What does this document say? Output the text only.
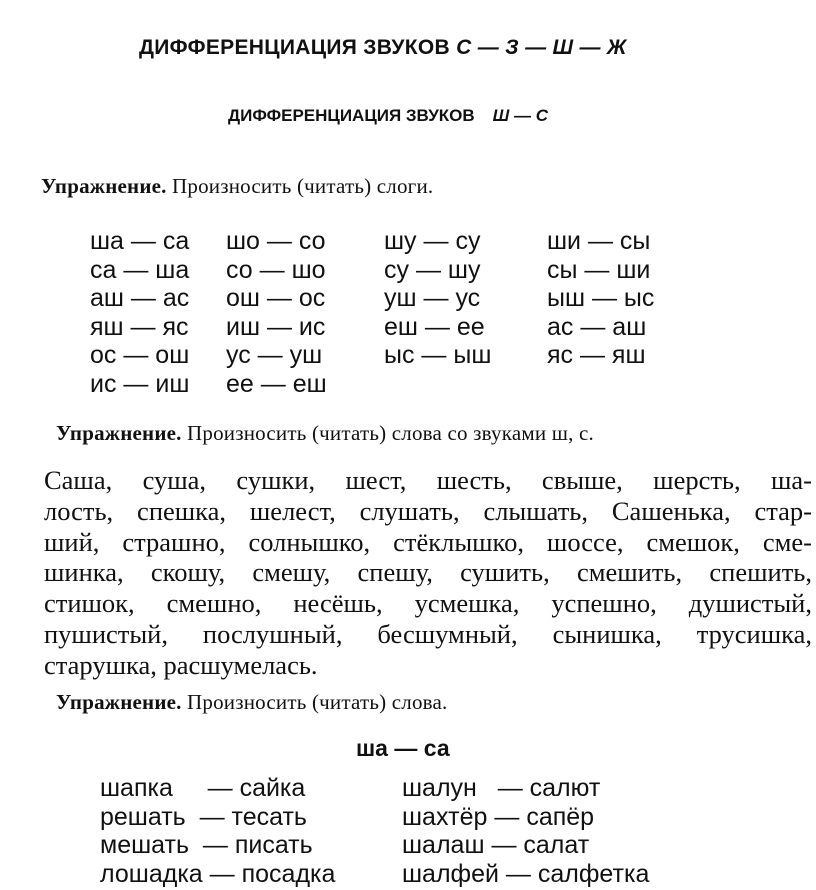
ДИФФЕРЕНЦИАЦИЯ ЗВУКОВ С — З — Ш — Ж
ДИФФЕРЕНЦИАЦИЯ ЗВУКОВ Ш — С
Упражнение. Произносить (читать) слоги.
ша — са
са — ша
аш — ас
яш — яс
ос — ош
ис — иш
шо — со
со — шо
ош — ос
иш — ис
ус — уш
ее — еш
шу — су
су — шу
уш — ус
еш — ее
ыс — ыш
ши — сы
сы — ши
ыш — ыс
ас — аш
яс — яш
Упражнение. Произносить (читать) слова со звуками ш, с.
Саша, суша, сушки, шест, шесть, свыше, шерсть, ша-
лость, спешка, шелест, слушать, слышать, Сашенька, стар-
ший, страшно, солнышко, стёклышко, шоссе, смешок, сме-
шинка, скошу, смешу, спешу, сушить, смешить, спешить,
стишок, смешно, несёшь, усмешка, успешно, душистый,
пушистый, послушный, бесшумный, сынишка, трусишка,
старушка, расшумелась.
Упражнение. Произносить (читать) слова.
ша — са
шапка     — сайка
решать  — тесать
мешать  — писать
лошадка — посадка
шалун   — салют
шахтёр — сапёр
шалаш — салат
шалфей — салфетка
